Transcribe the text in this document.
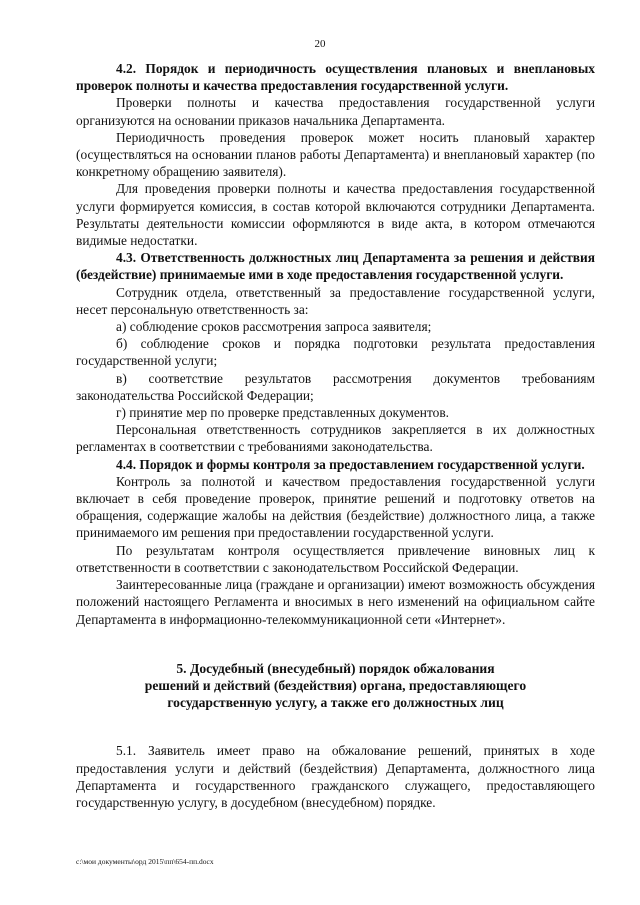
20

4.2. Порядок и периодичность осуществления плановых и внеплановых проверок полноты и качества предоставления государственной услуги.

Проверки полноты и качества предоставления государственной услуги организуются на основании приказов начальника Департамента.

Периодичность проведения проверок может носить плановый характер (осуществляться на основании планов работы Департамента) и внеплановый характер (по конкретному обращению заявителя).

Для проведения проверки полноты и качества предоставления государственной услуги формируется комиссия, в состав которой включаются сотрудники Департамента. Результаты деятельности комиссии оформляются в виде акта, в котором отмечаются видимые недостатки.

4.3. Ответственность должностных лиц Департамента за решения и действия (бездействие) принимаемые ими в ходе предоставления государственной услуги.

Сотрудник отдела, ответственный за предоставление государственной услуги, несет персональную ответственность за:

а) соблюдение сроков рассмотрения запроса заявителя;

б) соблюдение сроков и порядка подготовки результата предоставления государственной услуги;

в) соответствие результатов рассмотрения документов требованиям законодательства Российской Федерации;

г) принятие мер по проверке представленных документов.

Персональная ответственность сотрудников закрепляется в их должностных регламентах в соответствии с требованиями законодательства.

4.4. Порядок и формы контроля за предоставлением государственной услуги.

Контроль за полнотой и качеством предоставления государственной услуги включает в себя проведение проверок, принятие решений и подготовку ответов на обращения, содержащие жалобы на действия (бездействие) должностного лица, а также принимаемого им решения при предоставлении государственной услуги.

По результатам контроля осуществляется привлечение виновных лиц к ответственности в соответствии с законодательством Российской Федерации.

Заинтересованные лица (граждане и организации) имеют возможность обсуждения положений настоящего Регламента и вносимых в него изменений на официальном сайте Департамента в информационно-телекоммуникационной сети «Интернет».

5. Досудебный (внесудебный) порядок обжалования
решений и действий (бездействия) органа, предоставляющего
государственную услугу, а также его должностных лиц

5.1. Заявитель имеет право на обжалование решений, принятых в ходе предоставления услуги и действий (бездействия) Департамента, должностного лица Департамента и государственного гражданского служащего, предоставляющего государственную услугу, в досудебном (внесудебном) порядке.

c:\мои документы\орд 2015\пп\654-пп.docx
